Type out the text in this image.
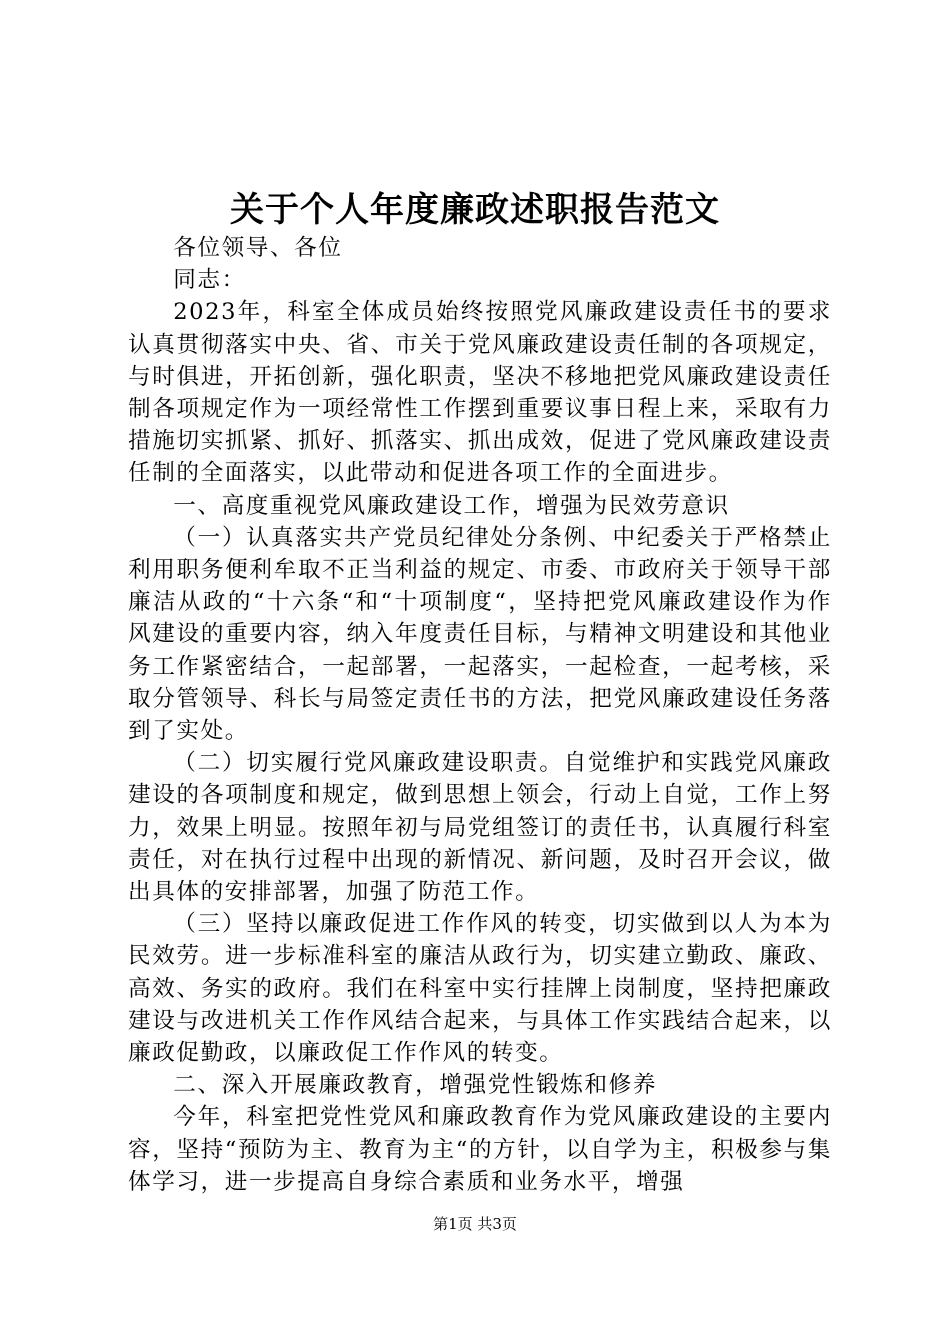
关于个人年度廉政述职报告范文

各位领导、各位

同志：

2023年，科室全体成员始终按照党风廉政建设责任书的要求认真贯彻落实中央、省、市关于党风廉政建设责任制的各项规定，与时俱进，开拓创新，强化职责，坚决不移地把党风廉政建设责任制各项规定作为一项经常性工作摆到重要议事日程上来，采取有力措施切实抓紧、抓好、抓落实、抓出成效，促进了党风廉政建设责任制的全面落实，以此带动和促进各项工作的全面进步。

一、高度重视党风廉政建设工作，增强为民效劳意识

（一）认真落实共产党员纪律处分条例、中纪委关于严格禁止利用职务便利牟取不正当利益的规定、市委、市政府关于领导干部廉洁从政的“十六条“和“十项制度“，坚持把党风廉政建设作为作风建设的重要内容，纳入年度责任目标，与精神文明建设和其他业务工作紧密结合，一起部署，一起落实，一起检查，一起考核，采取分管领导、科长与局签定责任书的方法，把党风廉政建设任务落到了实处。

（二）切实履行党风廉政建设职责。自觉维护和实践党风廉政建设的各项制度和规定，做到思想上领会，行动上自觉，工作上努力，效果上明显。按照年初与局党组签订的责任书，认真履行科室责任，对在执行过程中出现的新情况、新问题，及时召开会议，做出具体的安排部署，加强了防范工作。

（三）坚持以廉政促进工作作风的转变，切实做到以人为本为民效劳。进一步标准科室的廉洁从政行为，切实建立勤政、廉政、高效、务实的政府。我们在科室中实行挂牌上岗制度，坚持把廉政建设与改进机关工作作风结合起来，与具体工作实践结合起来，以廉政促勤政，以廉政促工作作风的转变。

二、深入开展廉政教育，增强党性锻炼和修养

今年，科室把党性党风和廉政教育作为党风廉政建设的主要内容，坚持“预防为主、教育为主“的方针，以自学为主，积极参与集体学习，进一步提高自身综合素质和业务水平，增强

第1页 共3页
